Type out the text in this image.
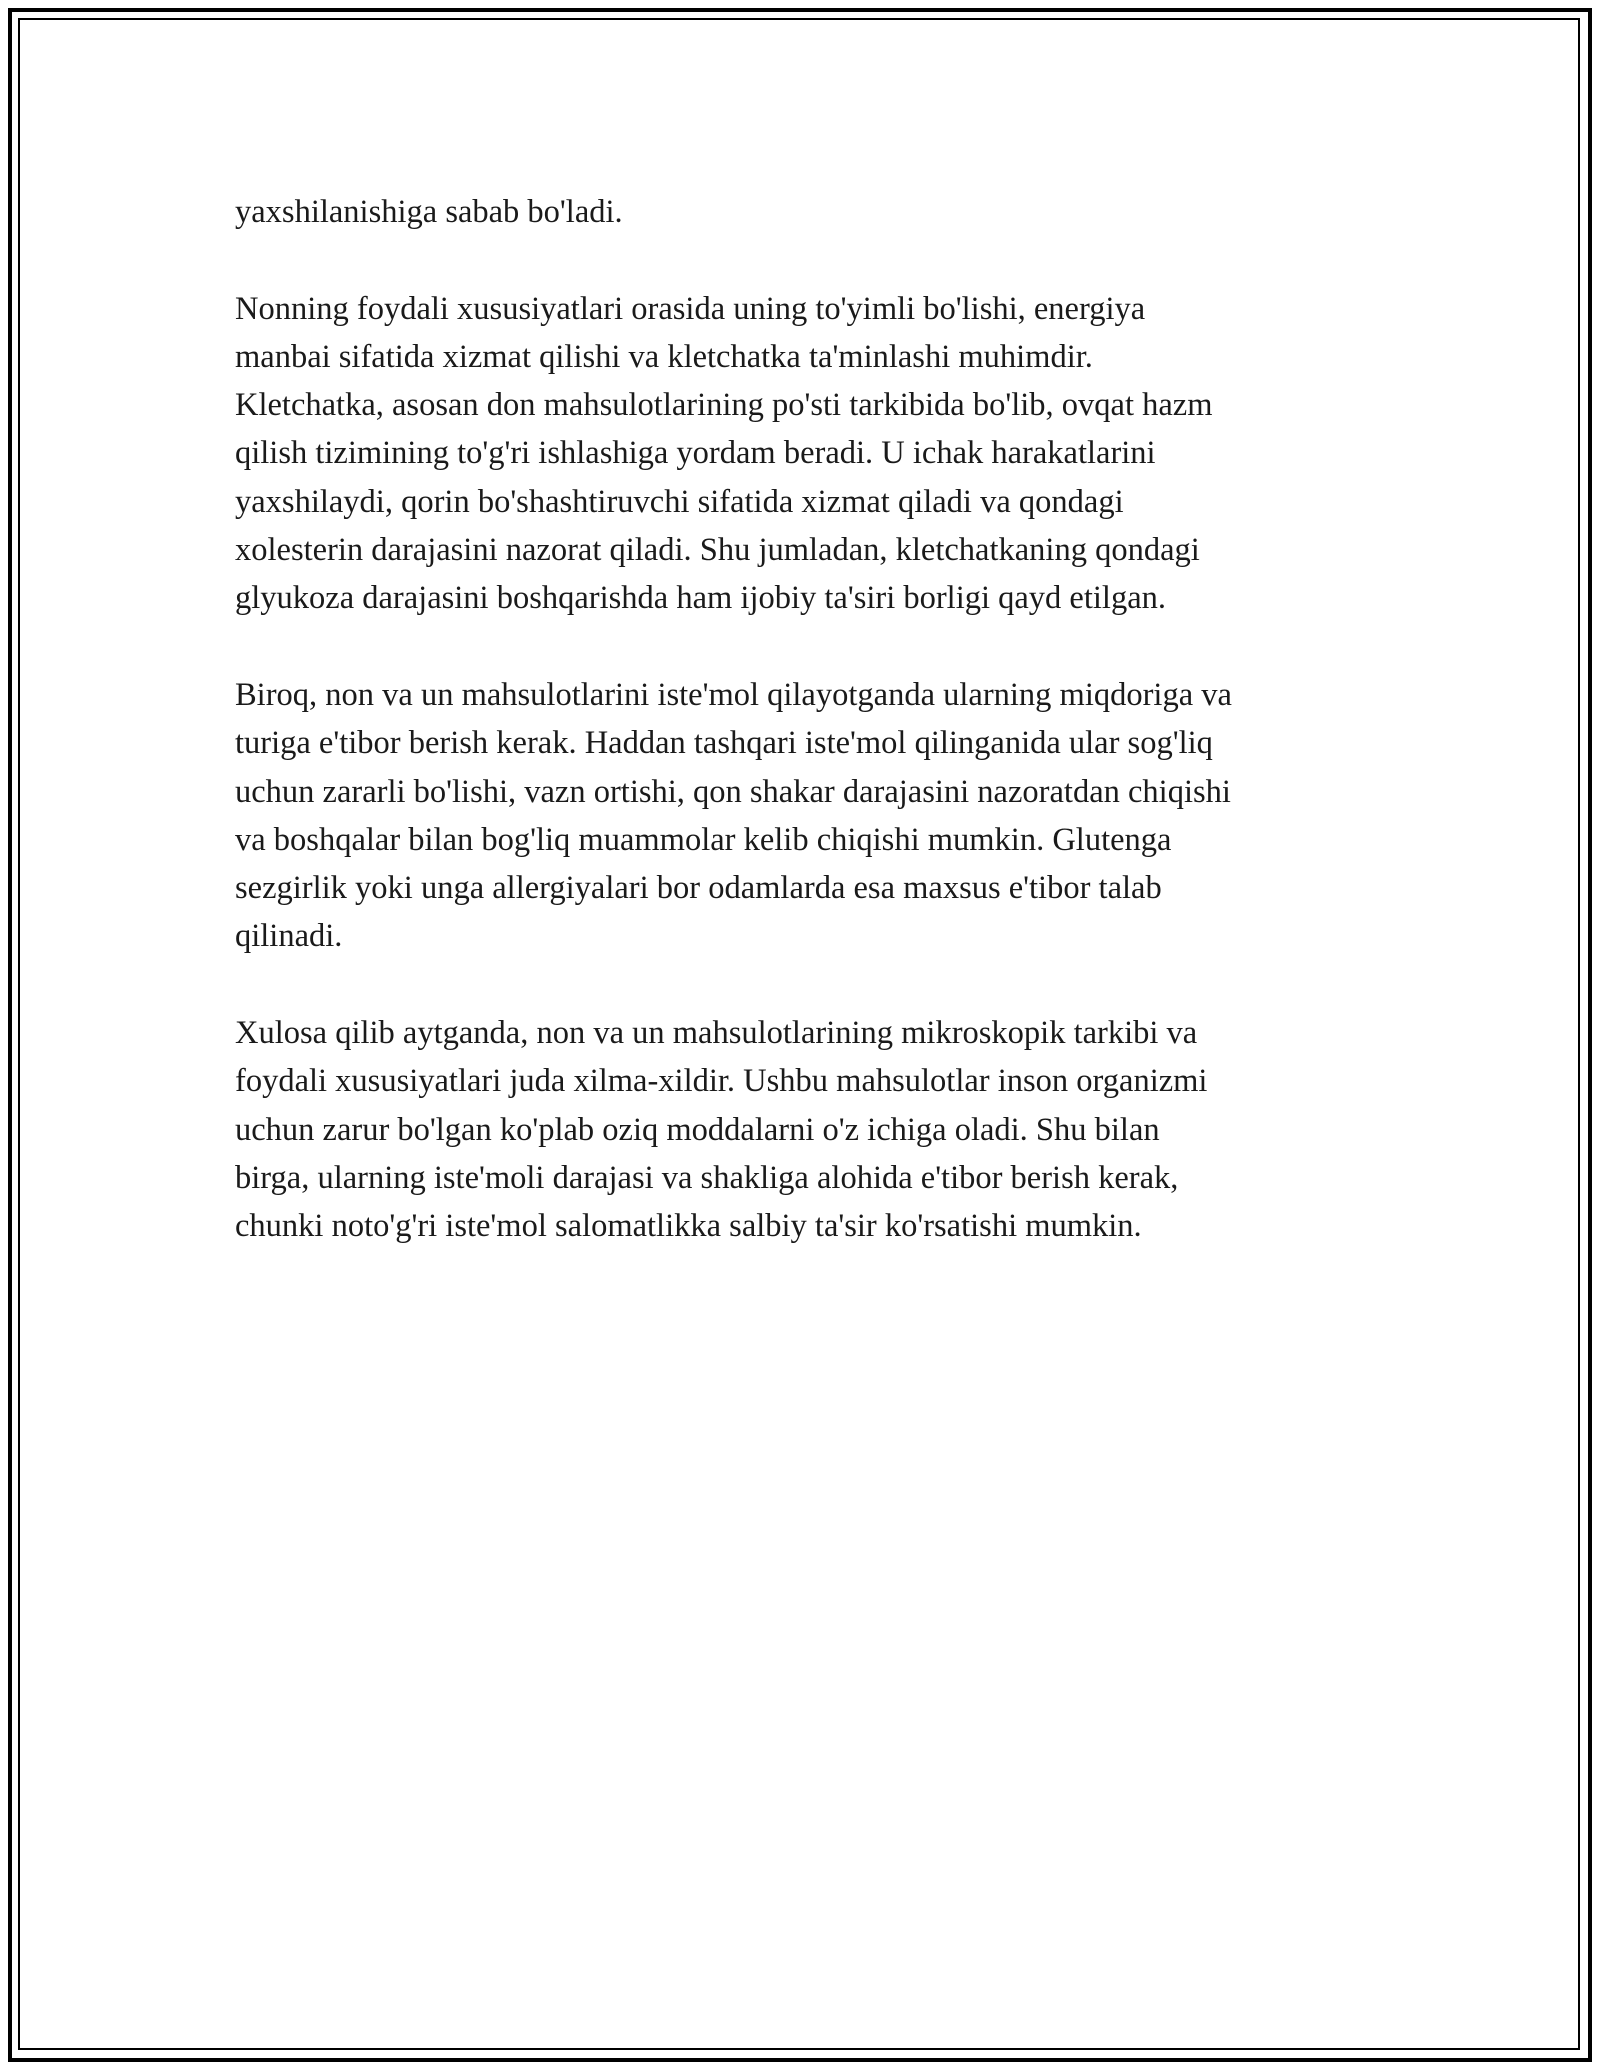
yaxshilanishiga sabab bo'ladi.

Nonning foydali xususiyatlari orasida uning to'yimli bo'lishi, energiya
manbai sifatida xizmat qilishi va kletchatka ta'minlashi muhimdir.
Kletchatka, asosan don mahsulotlarining po'sti tarkibida bo'lib, ovqat hazm
qilish tizimining to'g'ri ishlashiga yordam beradi. U ichak harakatlarini
yaxshilaydi, qorin bo'shashtiruvchi sifatida xizmat qiladi va qondagi
xolesterin darajasini nazorat qiladi. Shu jumladan, kletchatkaning qondagi
glyukoza darajasini boshqarishda ham ijobiy ta'siri borligi qayd etilgan.

Biroq, non va un mahsulotlarini iste'mol qilayotganda ularning miqdoriga va
turiga e'tibor berish kerak. Haddan tashqari iste'mol qilinganida ular sog'liq
uchun zararli bo'lishi, vazn ortishi, qon shakar darajasini nazoratdan chiqishi
va boshqalar bilan bog'liq muammolar kelib chiqishi mumkin. Glutenga
sezgirlik yoki unga allergiyalari bor odamlarda esa maxsus e'tibor talab
qilinadi.

Xulosa qilib aytganda, non va un mahsulotlarining mikroskopik tarkibi va
foydali xususiyatlari juda xilma-xildir. Ushbu mahsulotlar inson organizmi
uchun zarur bo'lgan ko'plab oziq moddalarni o'z ichiga oladi. Shu bilan
birga, ularning iste'moli darajasi va shakliga alohida e'tibor berish kerak,
chunki noto'g'ri iste'mol salomatlikka salbiy ta'sir ko'rsatishi mumkin.
